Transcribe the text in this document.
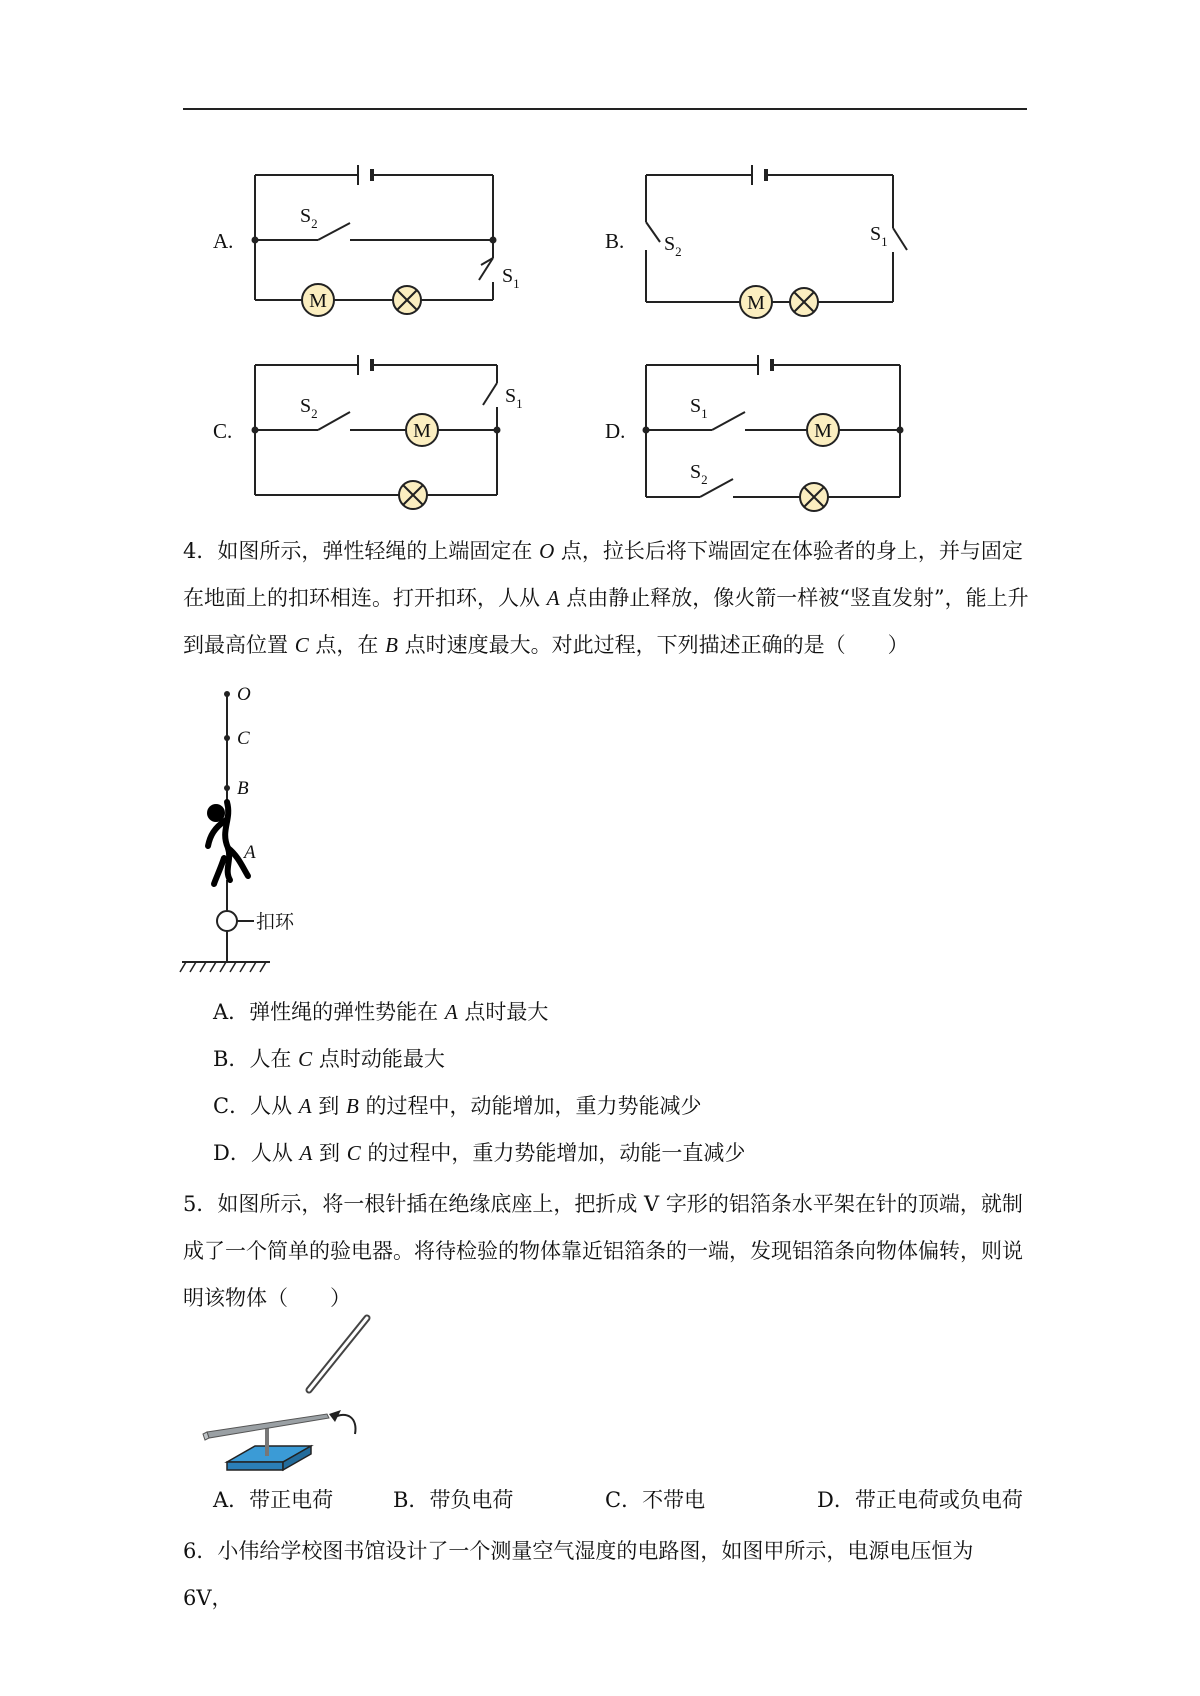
M	M
M	M
A.	B.
C.	D.
$S_2$
$S_1$
$S_2$
$S_1$
$S_2$
$S_1$	$S_1$
$S_2$
4．如图所示，弹性轻绳的上端固定在 O 点，拉长后将下端固定在体验者的身上，并与固定在地面上的扣环相连。打开扣环，人从 A 点由静止释放，像火箭一样被“竖直发射”，能上升到最高位置 C 点，在 B 点时速度最大。对此过程，下列描述正确的是（　　）
O
C
B
A
扣环
A．弹性绳的弹性势能在 A 点时最大
B．人在 C 点时动能最大
C．人从 A 到 B 的过程中，动能增加，重力势能减少
D．人从 A 到 C 的过程中，重力势能增加，动能一直减少
5．如图所示，将一根针插在绝缘底座上，把折成 V 字形的铝箔条水平架在针的顶端，就制成了一个简单的验电器。将待检验的物体靠近铝箔条的一端，发现铝箔条向物体偏转，则说明该物体（　　）
A．带正电荷	B．带负电荷	C．不带电	D．带正电荷或负电荷
6．小伟给学校图书馆设计了一个测量空气湿度的电路图，如图甲所示，电源电压恒为 6V，
